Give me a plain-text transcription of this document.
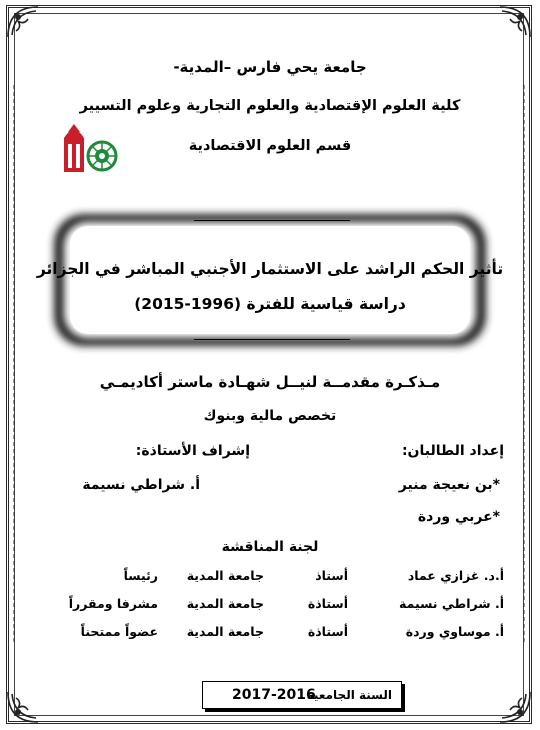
جامعة يحي فارس –المدية-
كلية العلوم الإقتصادية والعلوم التجارية وعلوم التسيير
قسم العلوم الاقتصادية
تأثير الحكم الراشد على الاستثمار الأجنبي المباشر في الجزائر
دراسة قياسية للفترة (1996-2015)
مـذكـرة مقدمــة لنيــل شهـادة ماستر أكاديمـي
تخصص مالية وبنوك
إعداد الطالبان:
إشراف الأستاذة:
*بن نعيجة منير
أ. شراطي نسيمة
*عربي وردة
لجنة المناقشة
أ.د. غزازي عماد
أستاذ
جامعة المدية
رئيساً
أ. شراطي نسيمة
أستاذة
جامعة المدية
مشرفا ومقرراً
أ. موساوي وردة
أستاذة
جامعة المدية
عضواً ممتحناً
السنة الجامعية
2017-2016
